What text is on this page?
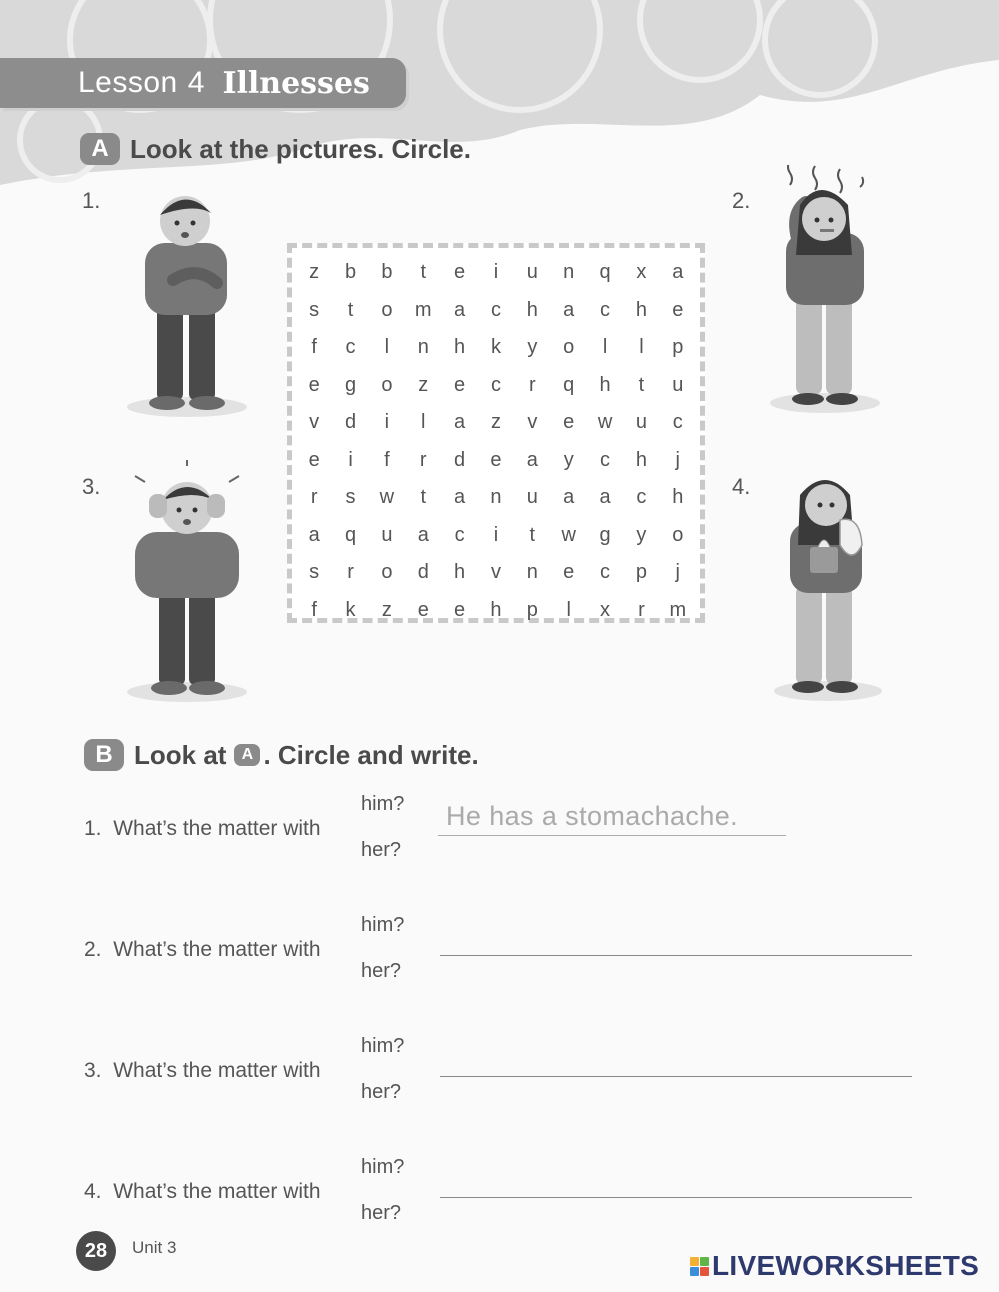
Lesson 4 Illnesses
A Look at the pictures. Circle.
1.	2.
3.	4.
z	b	b	t	e	i	u	n	q	x	a
s	t	o	m	a	c	h	a	c	h	e
f	c	l	n	h	k	y	o	l	l	p
e	g	o	z	e	c	r	q	h	t	u
v	d	i	l	a	z	v	e	w	u	c
e	i	f	r	d	e	a	y	c	h	j
r	s	w	t	a	n	u	a	a	c	h
a	q	u	a	c	i	t	w	g	y	o
s	r	o	d	h	v	n	e	c	p	j
f	k	z	e	e	h	p	l	x	r	m
B Look at A . Circle and write.
1. What’s the matter with
him?
her?
He has a stomachache.
2. What’s the matter with
him?
her?
3. What’s the matter with
him?
her?
4. What’s the matter with
him?
her?
28	Unit 3
LIVEWORKSHEETS
